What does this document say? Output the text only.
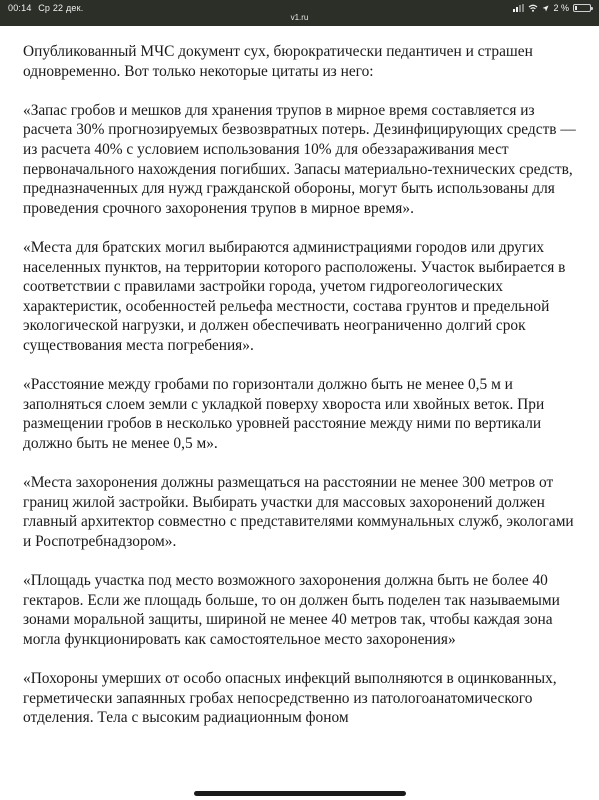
00:14 Ср 22 дек.
v1.ru
2 %

Опубликованный МЧС документ сух, бюрократически педантичен и страшен одновременно. Вот только некоторые цитаты из него:

«Запас гробов и мешков для хранения трупов в мирное время составляется из расчета 30% прогнозируемых безвозвратных потерь. Дезинфицирующих средств — из расчета 40% с условием использования 10% для обеззараживания мест первоначального нахождения погибших. Запасы материально-технических средств, предназначенных для нужд гражданской обороны, могут быть использованы для проведения срочного захоронения трупов в мирное время».

«Места для братских могил выбираются администрациями городов или других населенных пунктов, на территории которого расположены. Участок выбирается в соответствии с правилами застройки города, учетом гидрогеологических характеристик, особенностей рельефа местности, состава грунтов и предельной экологической нагрузки, и должен обеспечивать неограниченно долгий срок существования места погребения».

«Расстояние между гробами по горизонтали должно быть не менее 0,5 м и заполняться слоем земли с укладкой поверху хвороста или хвойных веток. При размещении гробов в несколько уровней расстояние между ними по вертикали должно быть не менее 0,5 м».

«Места захоронения должны размещаться на расстоянии не менее 300 метров от границ жилой застройки. Выбирать участки для массовых захоронений должен главный архитектор совместно с представителями коммунальных служб, экологами и Роспотребнадзором».

«Площадь участка под место возможного захоронения должна быть не более 40 гектаров. Если же площадь больше, то он должен быть поделен так называемыми зонами моральной защиты, шириной не менее 40 метров так, чтобы каждая зона могла функционировать как самостоятельное место захоронения»

«Похороны умерших от особо опасных инфекций выполняются в оцинкованных, герметически запаянных гробах непосредственно из патологоанатомического отделения. Тела с высоким радиационным фоном
